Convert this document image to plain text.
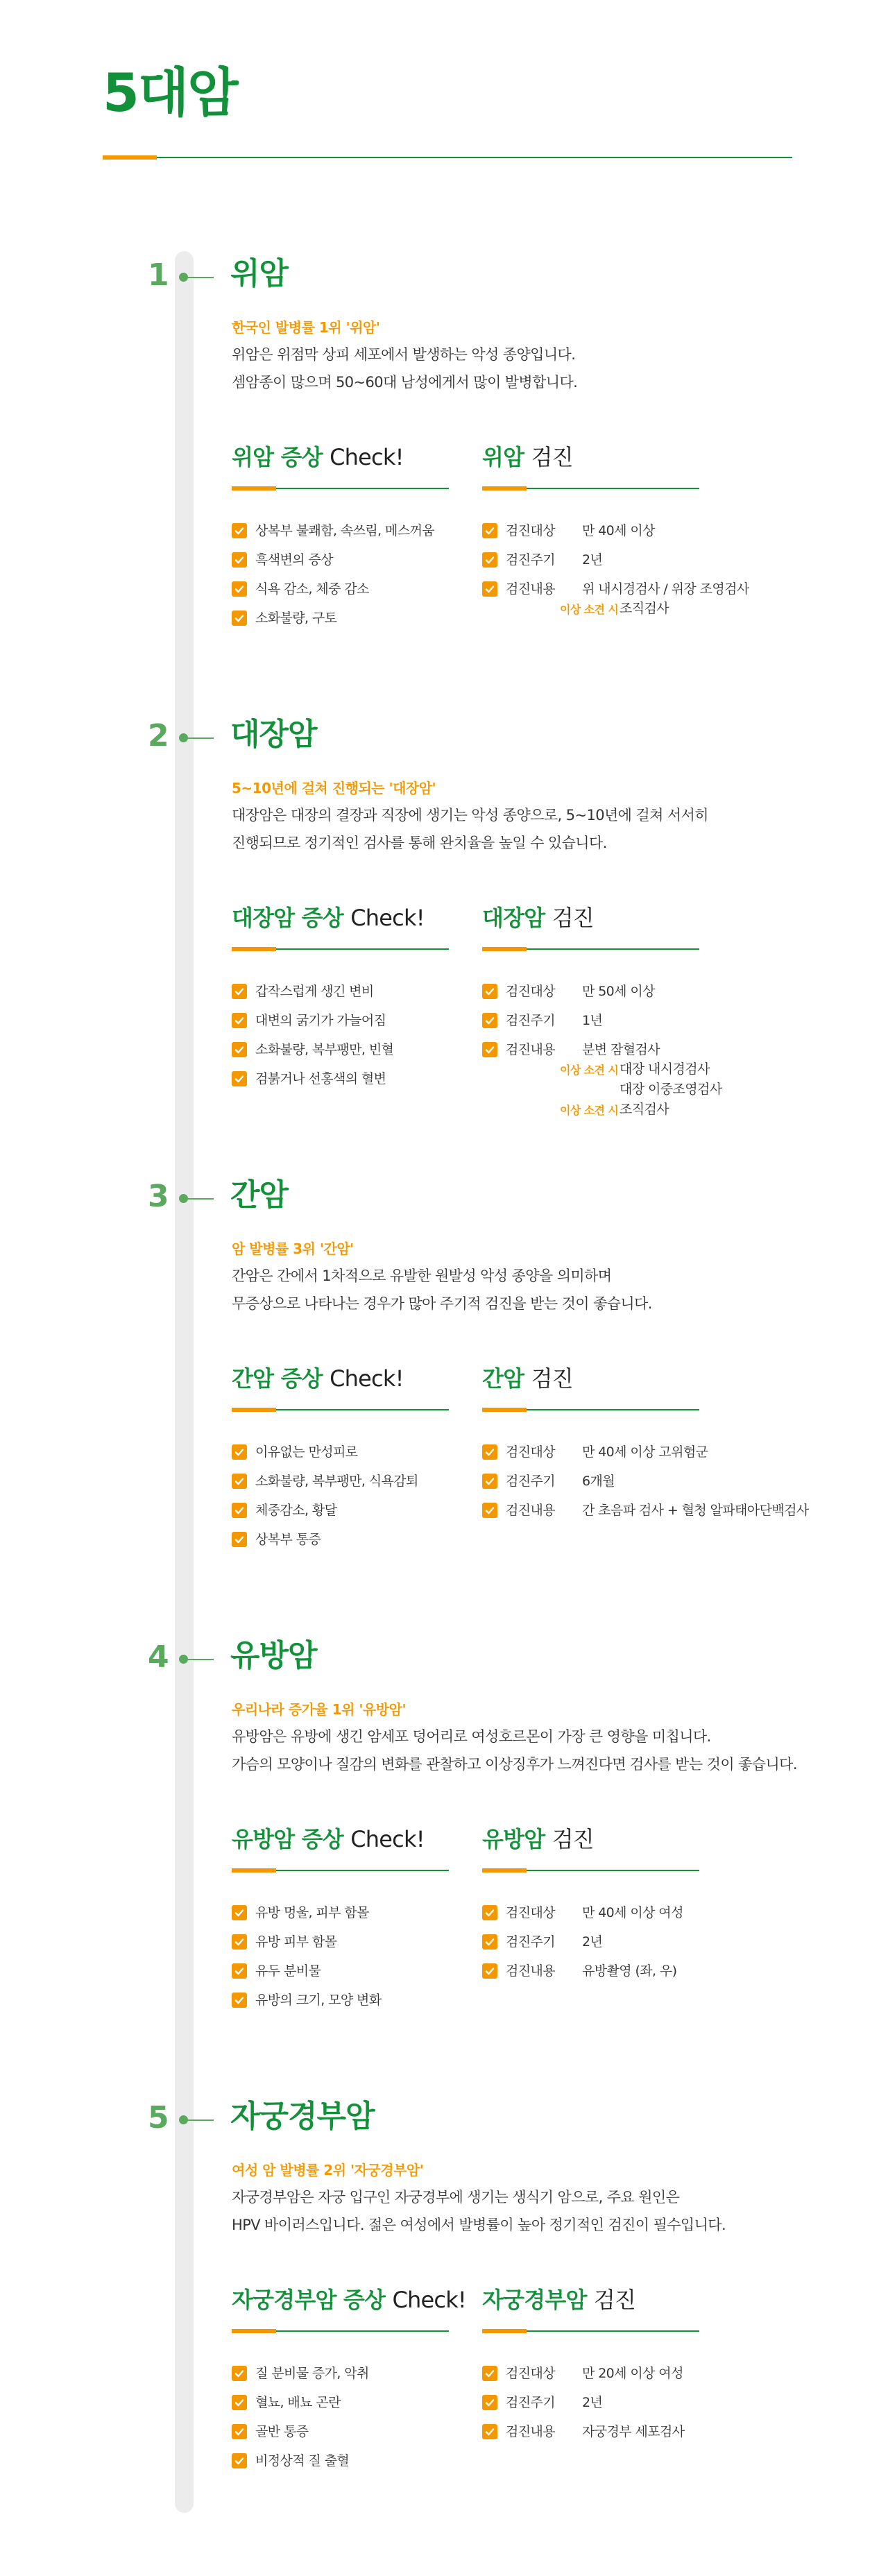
5대암
1 위암
한국인 발병률 1위 '위암'
위암은 위점막 상피 세포에서 발생하는 악성 종양입니다.
셈암종이 많으며 50~60대 남성에게서 많이 발병합니다.
위암 증상 Check!
상복부 불쾌함, 속쓰림, 메스꺼움
흑색변의 증상
식욕 감소, 체중 감소
소화불량, 구토
위암 검진
검진대상	만 40세 이상
검진주기	2년
검진내용	위 내시경검사 / 위장 조영검사
이상 소견 시 조직검사
2 대장암
5~10년에 걸쳐 진행되는 '대장암'
대장암은 대장의 결장과 직장에 생기는 악성 종양으로, 5~10년에 걸쳐 서서히
진행되므로 정기적인 검사를 통해 완치율을 높일 수 있습니다.
대장암 증상 Check!
갑작스럽게 생긴 변비
대변의 굵기가 가늘어짐
소화불량, 복부팽만, 빈혈
검붉거나 선홍색의 혈변
대장암 검진
검진대상	만 50세 이상
검진주기	1년
검진내용	분변 잠혈검사
이상 소견 시 대장 내시경검사
대장 이중조영검사
이상 소견 시 조직검사
3 간암
암 발병률 3위 '간암'
간암은 간에서 1차적으로 유발한 원발성 악성 종양을 의미하며
무증상으로 나타나는 경우가 많아 주기적 검진을 받는 것이 좋습니다.
간암 증상 Check!
이유없는 만성피로
소화불량, 복부팽만, 식욕감퇴
체중감소, 황달
상복부 통증
간암 검진
검진대상	만 40세 이상 고위험군
검진주기	6개월
검진내용	간 초음파 검사 + 혈청 알파태아단백검사
4 유방암
우리나라 증가율 1위 '유방암'
유방암은 유방에 생긴 암세포 덩어리로 여성호르몬이 가장 큰 영향을 미칩니다.
가슴의 모양이나 질감의 변화를 관찰하고 이상징후가 느껴진다면 검사를 받는 것이 좋습니다.
유방암 증상 Check!
유방 멍울, 피부 함몰
유방 피부 함몰
유두 분비물
유방의 크기, 모양 변화
유방암 검진
검진대상	만 40세 이상 여성
검진주기	2년
검진내용	유방촬영 (좌, 우)
5 자궁경부암
여성 암 발병률 2위 '자궁경부암'
자궁경부암은 자궁 입구인 자궁경부에 생기는 생식기 암으로, 주요 원인은
HPV 바이러스입니다. 젊은 여성에서 발병률이 높아 정기적인 검진이 필수입니다.
자궁경부암 증상 Check!
질 분비물 증가, 악취
혈뇨, 배뇨 곤란
골반 통증
비정상적 질 출혈
자궁경부암 검진
검진대상	만 20세 이상 여성
검진주기	2년
검진내용	자궁경부 세포검사
